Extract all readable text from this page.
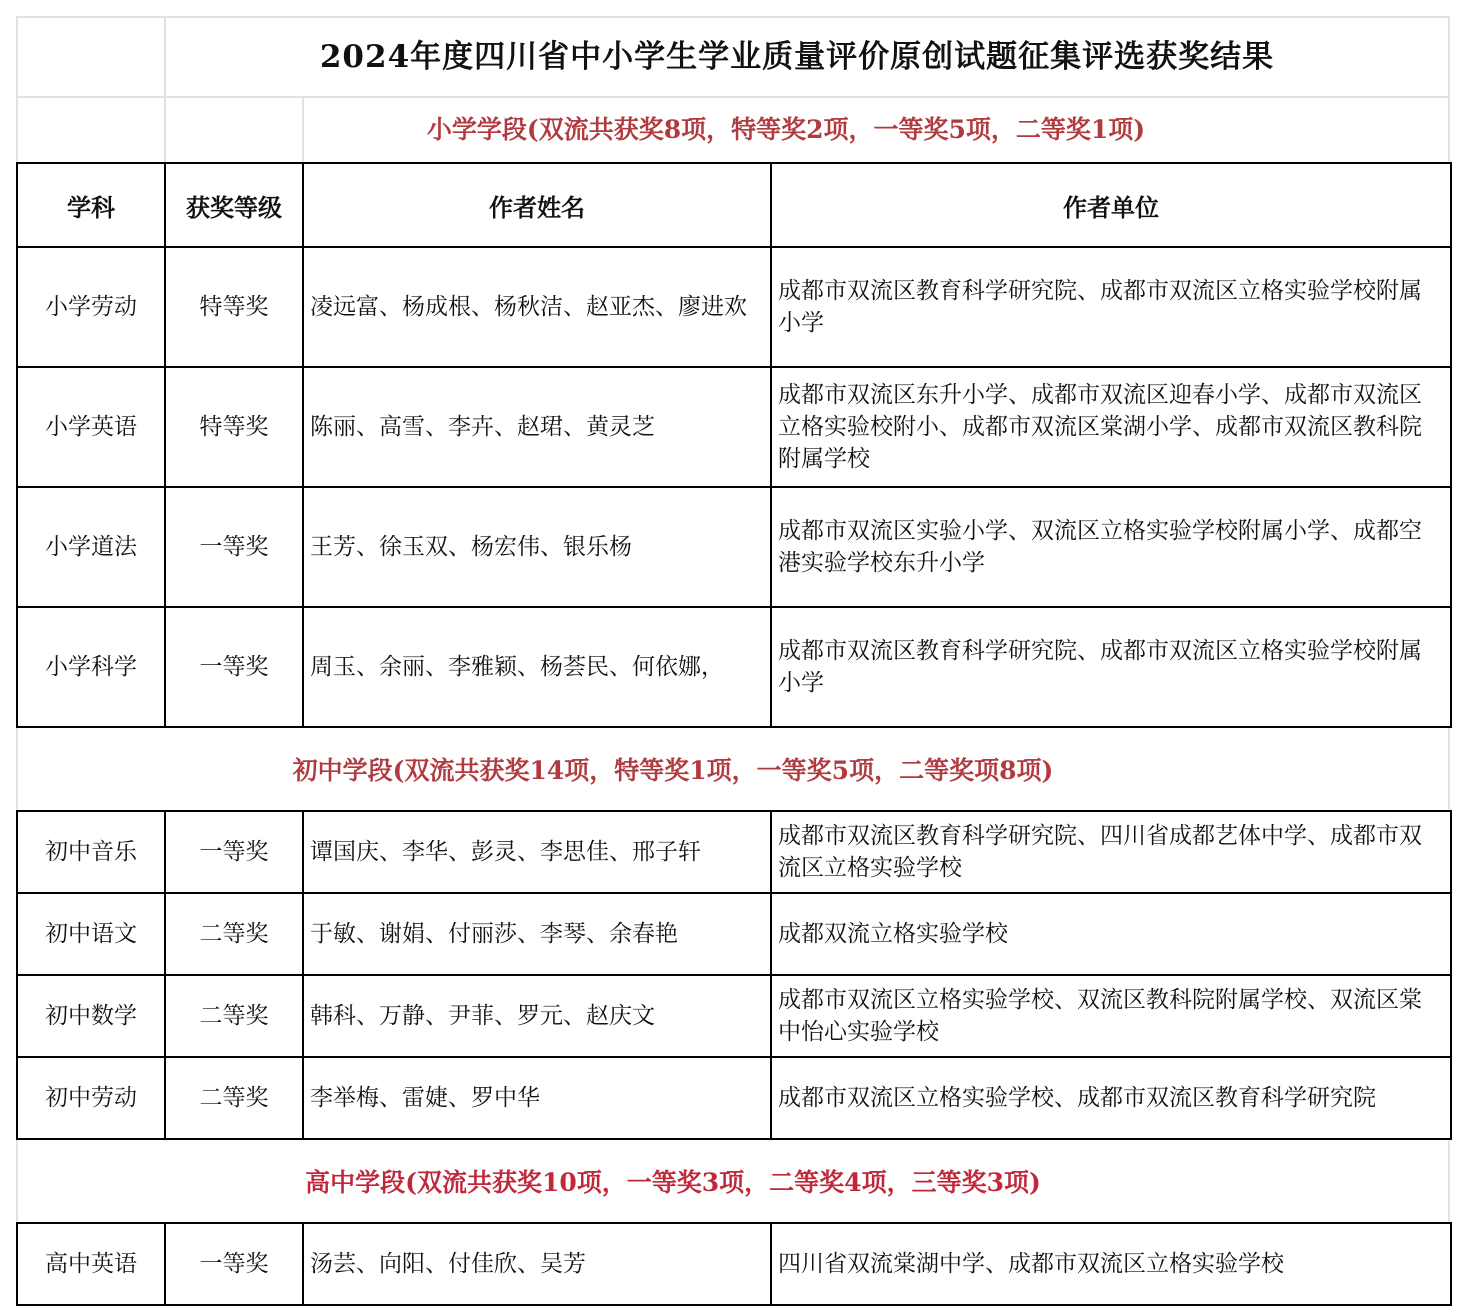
2024年度四川省中小学生学业质量评价原创试题征集评选获奖结果
小学学段(双流共获奖8项，特等奖2项，一等奖5项，二等奖1项)
学科	获奖等级	作者姓名	作者单位
小学劳动	特等奖	凌远富、杨成根、杨秋洁、赵亚杰、廖进欢	成都市双流区教育科学研究院、成都市双流区立格实验学校附属小学
小学英语	特等奖	陈丽、高雪、李卉、赵珺、黄灵芝	成都市双流区东升小学、成都市双流区迎春小学、成都市双流区立格实验校附小、成都市双流区棠湖小学、成都市双流区教科院附属学校
小学道法	一等奖	王芳、徐玉双、杨宏伟、银乐杨	成都市双流区实验小学、双流区立格实验学校附属小学、成都空港实验学校东升小学
小学科学	一等奖	周玉、余丽、李雅颖、杨荟民、何依娜，	成都市双流区教育科学研究院、成都市双流区立格实验学校附属小学
初中学段(双流共获奖14项，特等奖1项，一等奖5项，二等奖项8项)
初中音乐	一等奖	谭国庆、李华、彭灵、李思佳、邢子轩	成都市双流区教育科学研究院、四川省成都艺体中学、成都市双流区立格实验学校
初中语文	二等奖	于敏、谢娟、付丽莎、李琴、余春艳	成都双流立格实验学校
初中数学	二等奖	韩科、万静、尹菲、罗元、赵庆文	成都市双流区立格实验学校、双流区教科院附属学校、双流区棠中怡心实验学校
初中劳动	二等奖	李举梅、雷婕、罗中华	成都市双流区立格实验学校、成都市双流区教育科学研究院
高中学段(双流共获奖10项，一等奖3项，二等奖4项，三等奖3项)
高中英语	一等奖	汤芸、向阳、付佳欣、吴芳	四川省双流棠湖中学、成都市双流区立格实验学校
